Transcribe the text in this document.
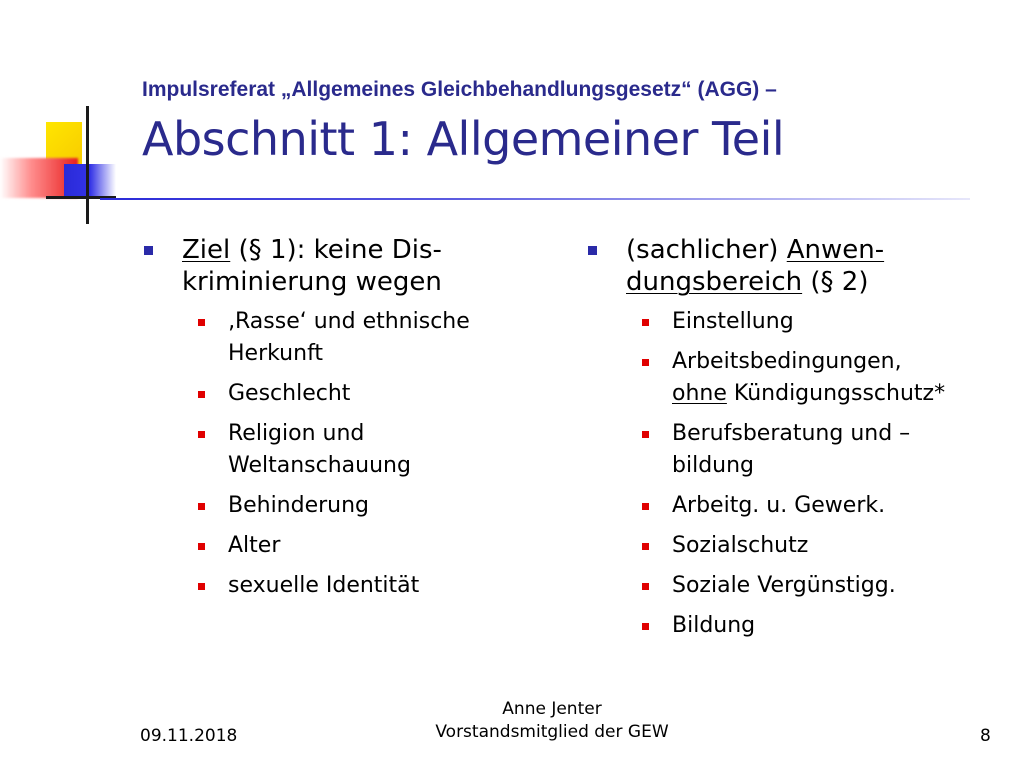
Impulsreferat „Allgemeines Gleichbehandlungsgesetz“ (AGG) –
Abschnitt 1: Allgemeiner Teil
Ziel (§ 1): keine Dis-
kriminierung wegen
‚Rasse‘ und ethnische
Herkunft
Geschlecht
Religion und
Weltanschauung
Behinderung
Alter
sexuelle Identität
(sachlicher) Anwen-
dungsbereich (§ 2)
Einstellung
Arbeitsbedingungen,
ohne Kündigungsschutz*
Berufsberatung und –
bildung
Arbeitg. u. Gewerk.
Sozialschutz
Soziale Vergünstigg.
Bildung
09.11.2018
Anne Jenter
Vorstandsmitglied der GEW	8
